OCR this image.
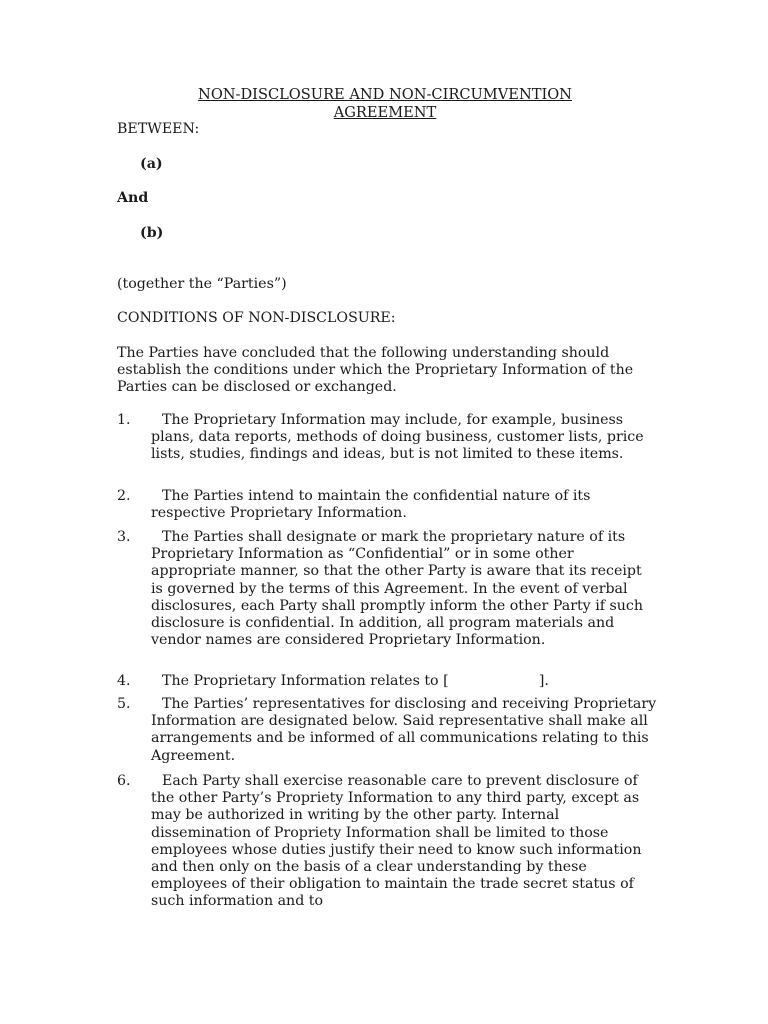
NON-DISCLOSURE AND NON-CIRCUMVENTION
AGREEMENT
BETWEEN:
(a)
And
(b)
(together the “Parties”)
CONDITIONS OF NON-DISCLOSURE:
The Parties have concluded that the following understanding should establish the conditions under which the Proprietary Information of the Parties can be disclosed or exchanged.
1.	The Proprietary Information may include, for example, business plans, data reports, methods of doing business, customer lists, price lists, studies, findings and ideas, but is not limited to these items.
2.	The Parties intend to maintain the confidential nature of its respective Proprietary Information.
3.	The Parties shall designate or mark the proprietary nature of its Proprietary Information as “Confidential” or in some other appropriate manner, so that the other Party is aware that its receipt is governed by the terms of this Agreement. In the event of verbal disclosures, each Party shall promptly inform the other Party if such disclosure is confidential. In addition, all program materials and vendor names are considered Proprietary Information.
4.	The Proprietary Information relates to [                    ].
5.	The Parties’ representatives for disclosing and receiving Proprietary Information are designated below. Said representative shall make all arrangements and be informed of all communications relating to this Agreement.
6.	Each Party shall exercise reasonable care to prevent disclosure of the other Party’s Propriety Information to any third party, except as may be authorized in writing by the other party. Internal dissemination of Propriety Information shall be limited to those employees whose duties justify their need to know such information and then only on the basis of a clear understanding by these employees of their obligation to maintain the trade secret status of such information and to
